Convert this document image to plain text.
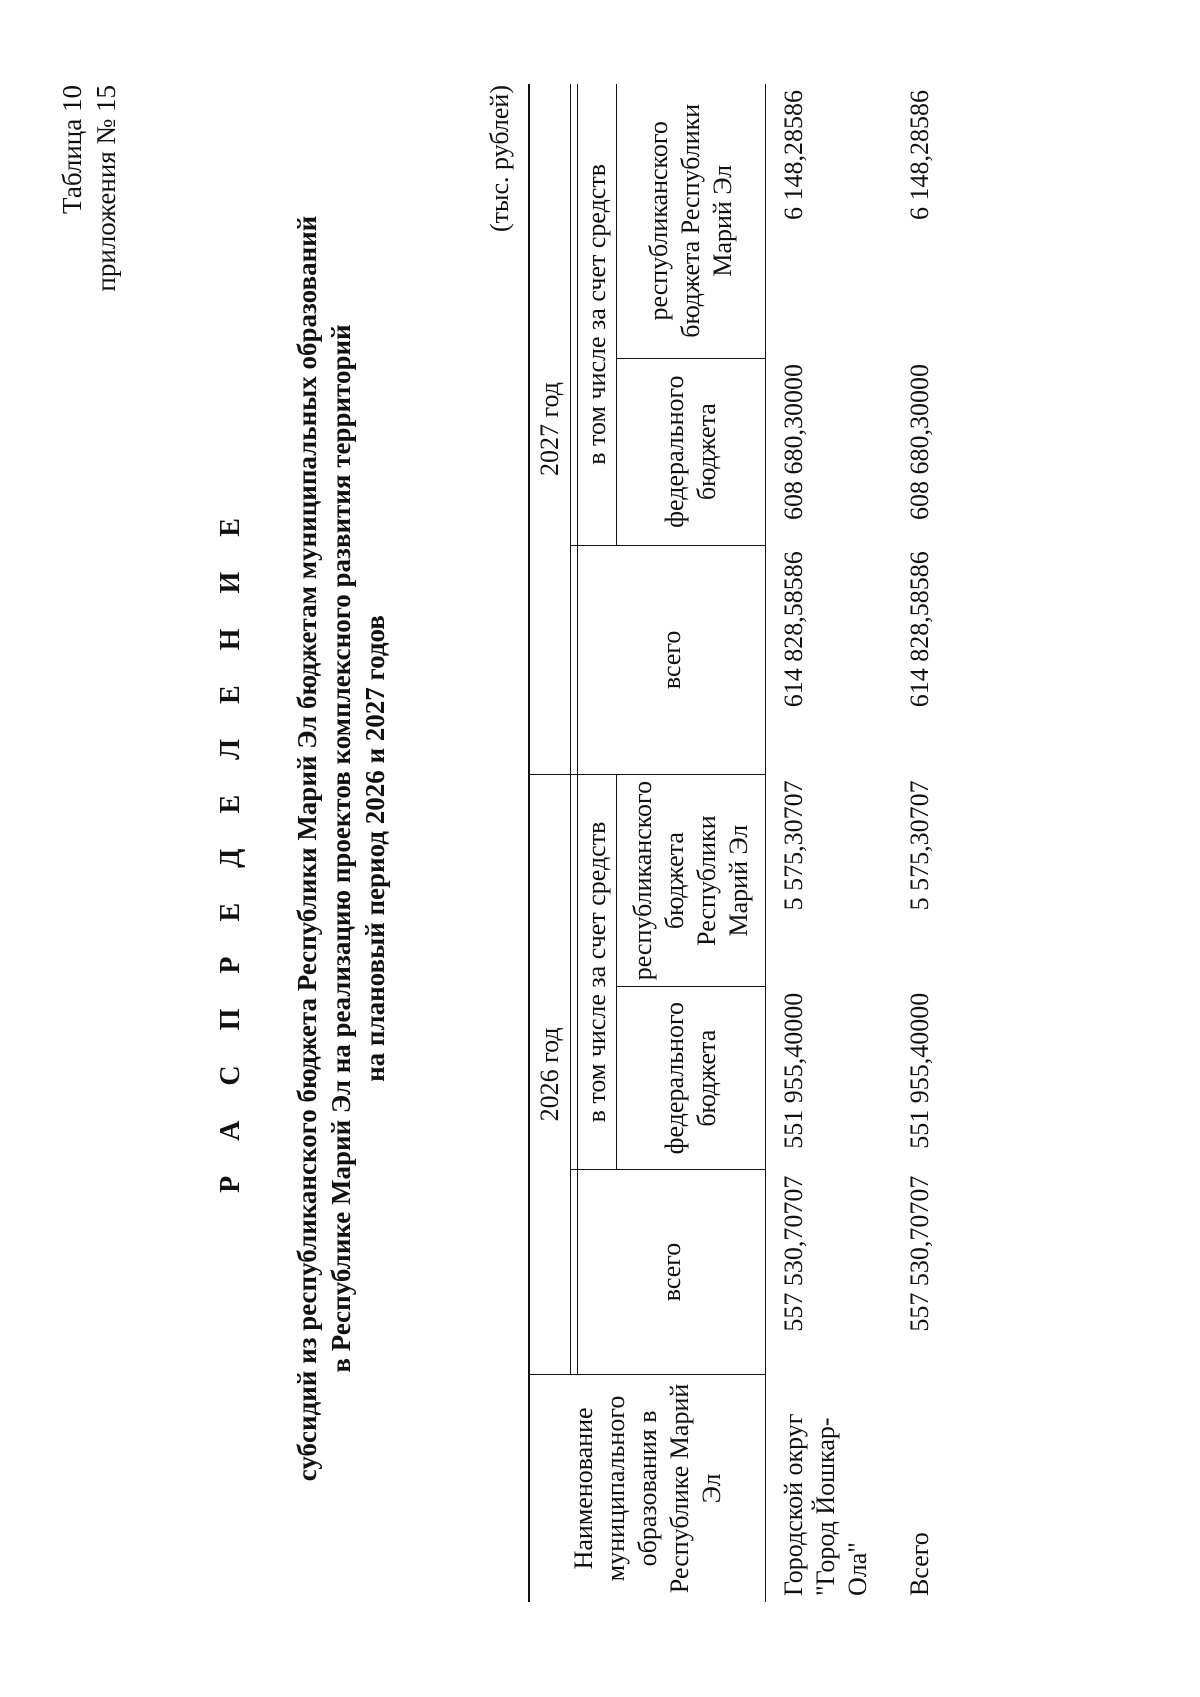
Таблица 10 приложения № 15
Р А С П Р Е Д Е Л Е Н И Е субсидий из республиканского бюджета Республики Марий Эл бюджетам муниципальных образований в Республике Марий Эл на реализацию проектов комплексного развития территорий на плановый период 2026 и 2027 годов
(тыс. рублей)
Наименование муниципального образования в Республике Марий Эл	2026 год			2027 год		

	всего	в том числе за счет средств		всего	в том числе за счет средств	
		федерального бюджета	республиканского бюджета Республики Марий Эл		федерального бюджета	республиканского бюджета Республики Марий Эл
Городской округ "Город Йошкар-Ола"	557 530,70707	551 955,40000	5 575,30707	614 828,58586	608 680,30000	6 148,28586
Всего	557 530,70707	551 955,40000	5 575,30707	614 828,58586	608 680,30000	6 148,28586
